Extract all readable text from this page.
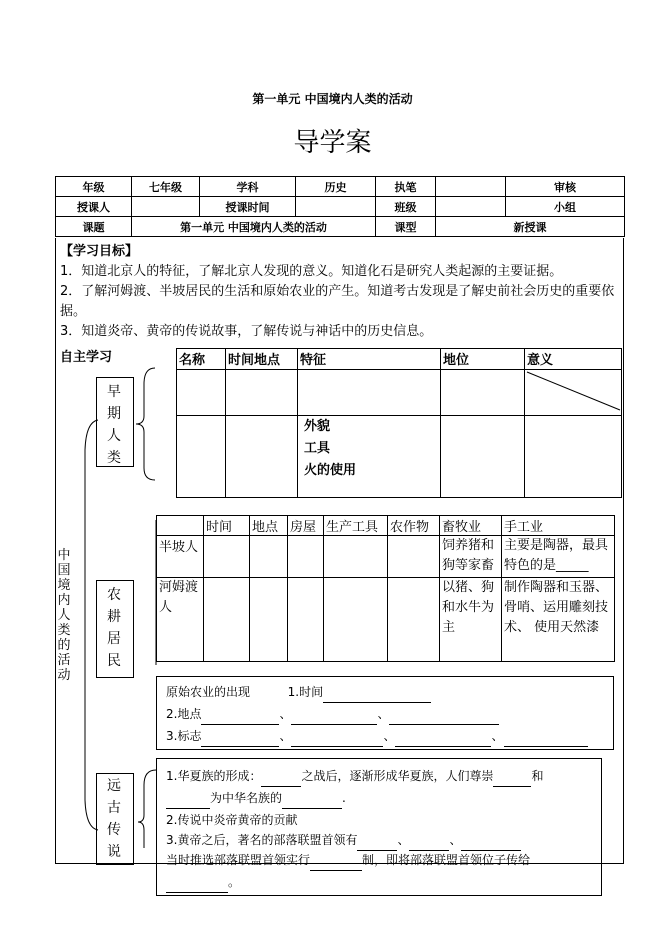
第一单元 中国境内人类的活动
导学案
年级	七年级	学科	历史	执笔		审核
授课人		授课时间		班级		小组
课题	第一单元 中国境内人类的活动			课型	新授课	
【学习目标】
1．知道北京人的特征，了解北京人发现的意义。知道化石是研究人类起源的主要证据。
2．了解河姆渡、半坡居民的生活和原始农业的产生。知道考古发现是了解史前社会历史的重要依据。
3．知道炎帝、黄帝的传说故事，了解传说与神话中的历史信息。
自主学习
中国境内人类的活动
早期人类
名称	时间地点	特征	地位	意义

		外貌
工具
火的使用		

农耕居民
	时间	地点	房屋	生产工具	农作物	畜牧业	手工业
半坡人						饲养猪和狗等家畜	主要是陶器，最具特色的是_____
河姆渡人						以猪、狗和水牛为主	制作陶器和玉器、骨哨、运用雕刻技术、 使用天然漆
原始农业的出现	1.时间
2.地点	、	、
3.标志	、	、	、
远古传说
1.华夏族的形成：	之战后，逐渐形成华夏族，人们尊崇	和
为中华名族的	.
2.传说中炎帝黄帝的贡献
3.黄帝之后，著名的部落联盟首领有	、	、
当时推选部落联盟首领实行	制，即将部落联盟首领位子传给
。
